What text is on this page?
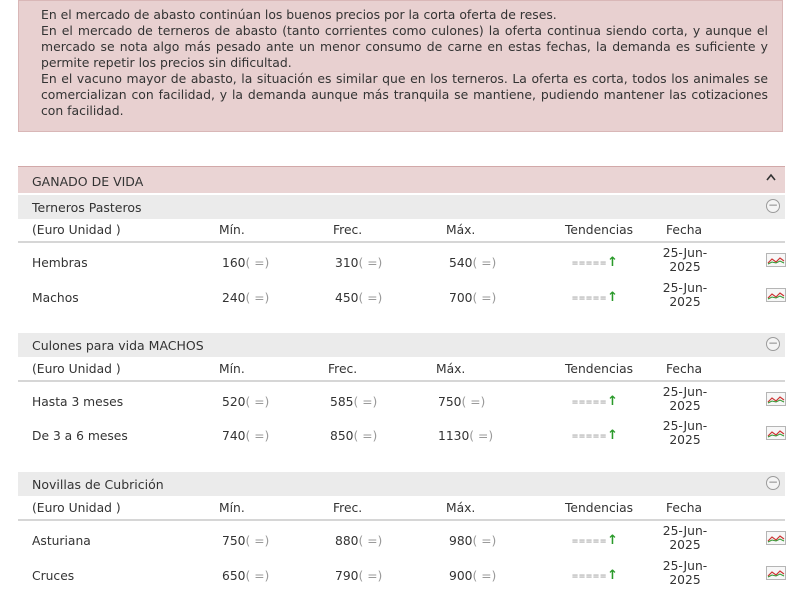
En el mercado de abasto continúan los buenos precios por la corta oferta de reses.

En el mercado de terneros de abasto (tanto corrientes como culones) la oferta continua siendo corta, y aunque el mercado se nota algo más pesado ante un menor consumo de carne en estas fechas, la demanda es suficiente y permite repetir los precios sin dificultad.

En el vacuno mayor de abasto, la situación es similar que en los terneros. La oferta es corta, todos los animales se comercializan con facilidad, y la demanda aunque más tranquila se mantiene, pudiendo mantener las cotizaciones con facilidad.

GANADO DE VIDA
Terneros Pasteros	−
(Euro Unidad )	Mín.	Frec.	Máx.	Tendencias	Fecha
Hembras	160( =)	310( =)	540( =)	=====↑
25-Jun-
2025
Machos	240( =)	450( =)	700( =)	=====↑
25-Jun-
2025
Culones para vida MACHOS	−
(Euro Unidad )	Mín.	Frec.	Máx.	Tendencias	Fecha
Hasta 3 meses	520( =)	585( =)	750( =)	=====↑
25-Jun-
2025
De 3 a 6 meses	740( =)	850( =)	1130( =)	=====↑
25-Jun-
2025
Novillas de Cubrición	−
(Euro Unidad )	Mín.	Frec.	Máx.	Tendencias	Fecha
Asturiana	750( =)	880( =)	980( =)	=====↑
25-Jun-
2025
Cruces	650( =)	790( =)	900( =)	=====↑
25-Jun-
2025
